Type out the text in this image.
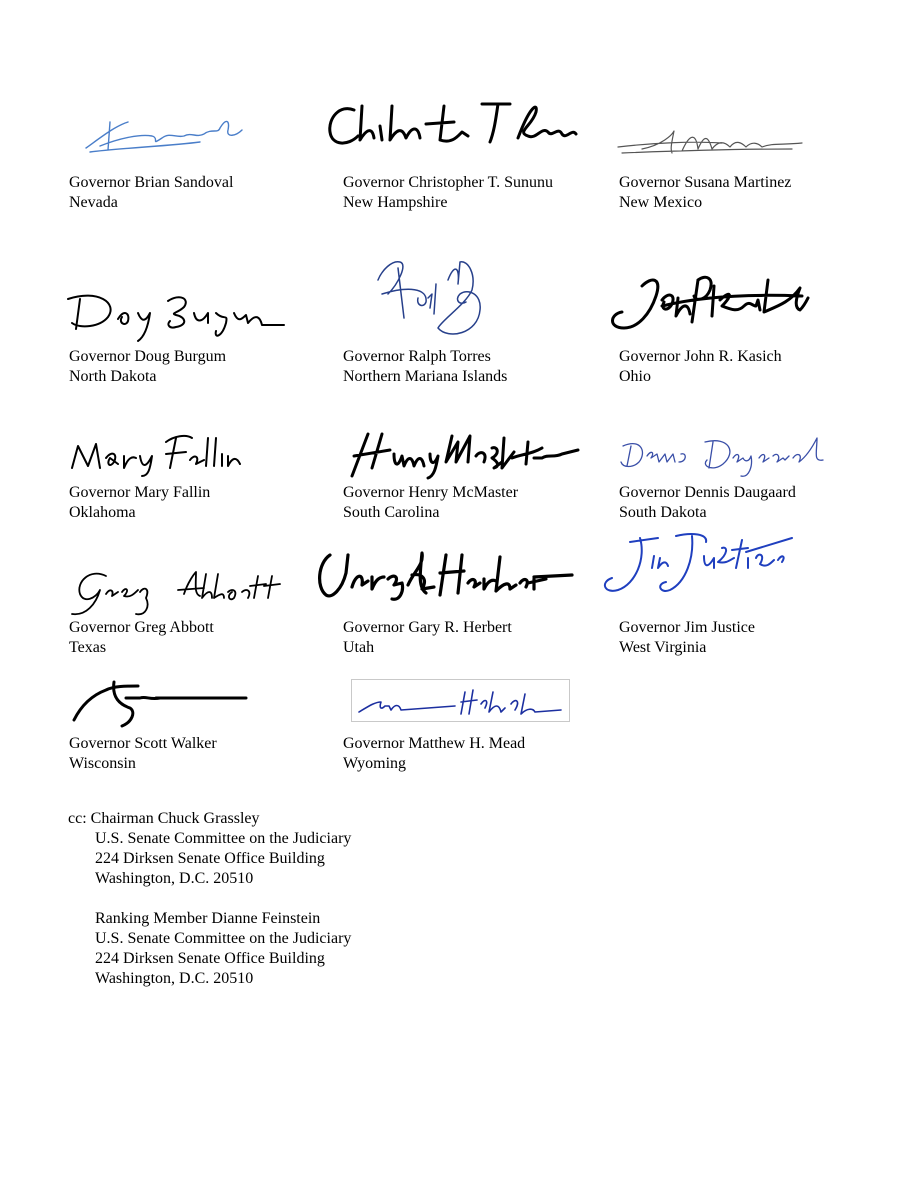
Governor Brian Sandoval
Nevada
Governor Christopher T. Sununu
New Hampshire
Governor Susana Martinez
New Mexico
Governor Doug Burgum
North Dakota
Governor Ralph Torres
Northern Mariana Islands
Governor John R. Kasich
Ohio
Governor Mary Fallin
Oklahoma
Governor Henry McMaster
South Carolina
Governor Dennis Daugaard
South Dakota
Governor Greg Abbott
Texas
Governor Gary R. Herbert
Utah
Governor Jim Justice
West Virginia
Governor Scott Walker
Wisconsin
Governor Matthew H. Mead
Wyoming
cc: Chairman Chuck Grassley
U.S. Senate Committee on the Judiciary
224 Dirksen Senate Office Building
Washington, D.C. 20510
Ranking Member Dianne Feinstein
U.S. Senate Committee on the Judiciary
224 Dirksen Senate Office Building
Washington, D.C. 20510
